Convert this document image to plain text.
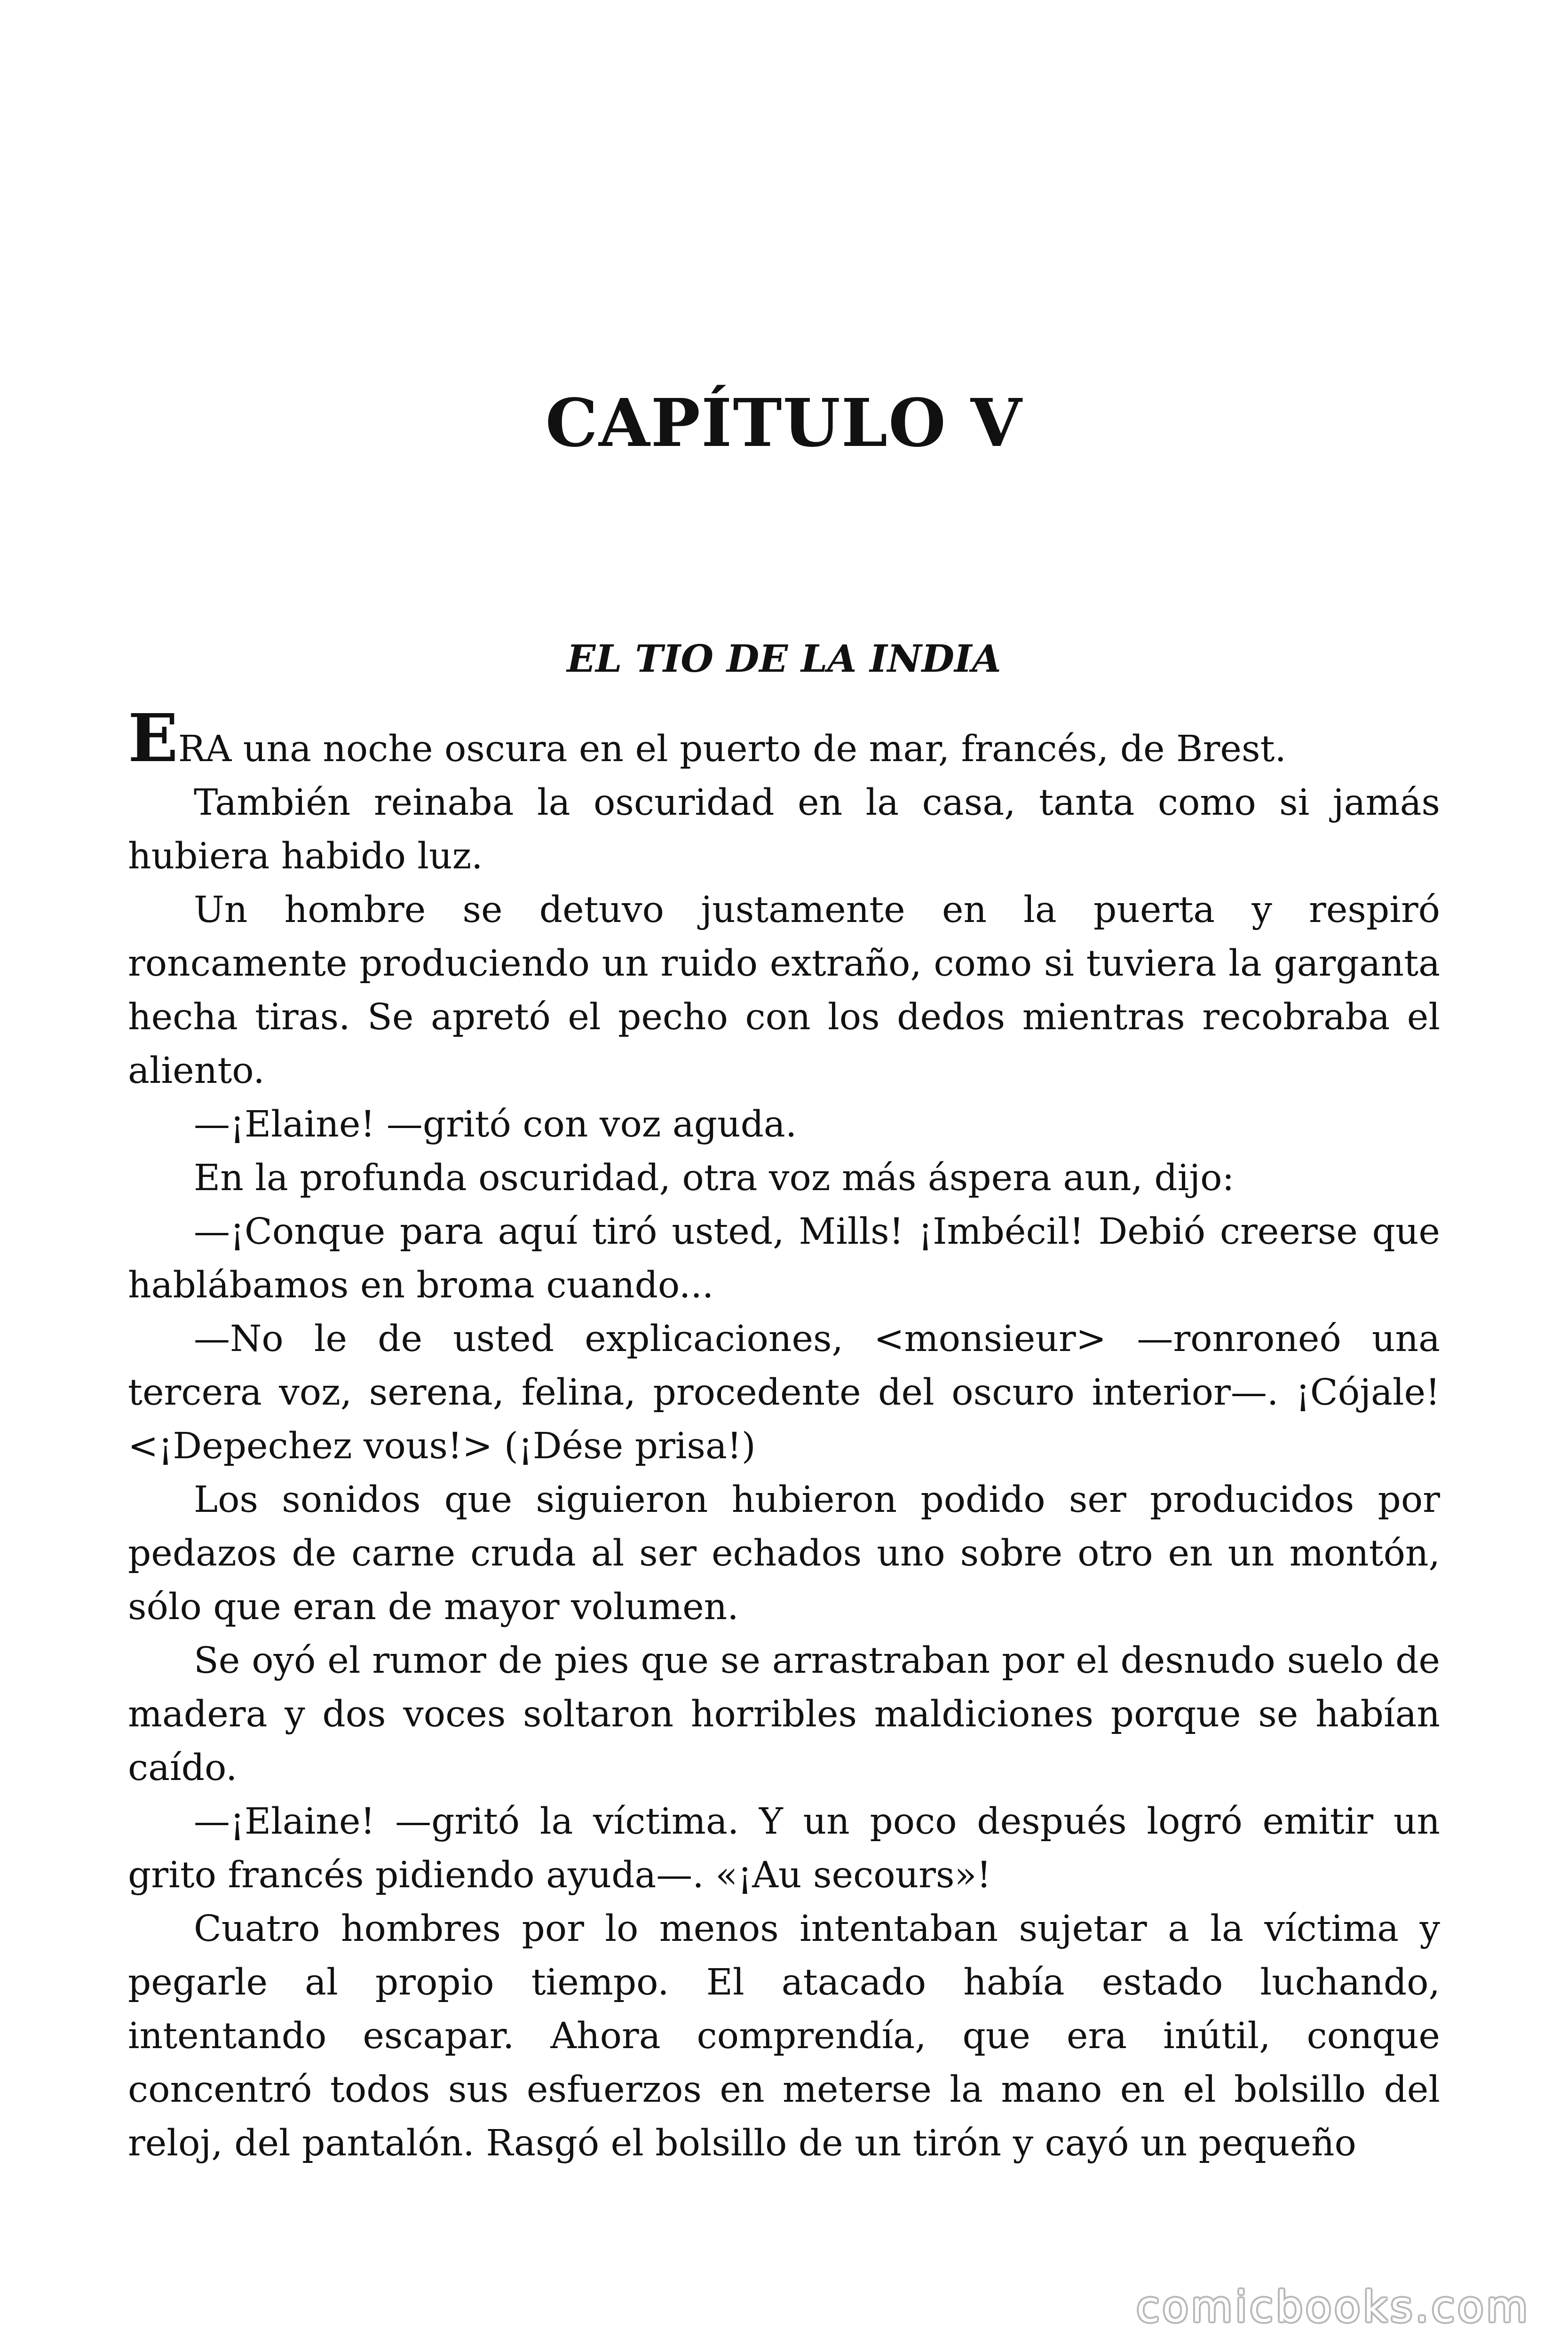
CAPÍTULO V
EL TIO DE LA INDIA

ERA una noche oscura en el puerto de mar, francés, de Brest.

También reinaba la oscuridad en la casa, tanta como si jamás hubiera habido luz.

Un hombre se detuvo justamente en la puerta y respiró roncamente produciendo un ruido extraño, como si tuviera la garganta hecha tiras. Se apretó el pecho con los dedos mientras recobraba el aliento.

—¡Elaine! —gritó con voz aguda.

En la profunda oscuridad, otra voz más áspera aun, dijo:

—¡Conque para aquí tiró usted, Mills! ¡Imbécil! Debió creerse que hablábamos en broma cuando...

—No le de usted explicaciones, <monsieur> —ronroneó una tercera voz, serena, felina, procedente del oscuro interior—. ¡Cójale! <¡Depechez vous!> (¡Dése prisa!)

Los sonidos que siguieron hubieron podido ser producidos por pedazos de carne cruda al ser echados uno sobre otro en un montón, sólo que eran de mayor volumen.

Se oyó el rumor de pies que se arrastraban por el desnudo suelo de madera y dos voces soltaron horribles maldiciones porque se habían caído.

—¡Elaine! —gritó la víctima. Y un poco después logró emitir un grito francés pidiendo ayuda—. «¡Au secours»!

Cuatro hombres por lo menos intentaban sujetar a la víctima y pegarle al propio tiempo. El atacado había estado luchando, intentando escapar. Ahora comprendía, que era inútil, conque concentró todos sus esfuerzos en meterse la mano en el bolsillo del reloj, del pantalón. Rasgó el bolsillo de un tirón y cayó un pequeño

comicbooks.com
